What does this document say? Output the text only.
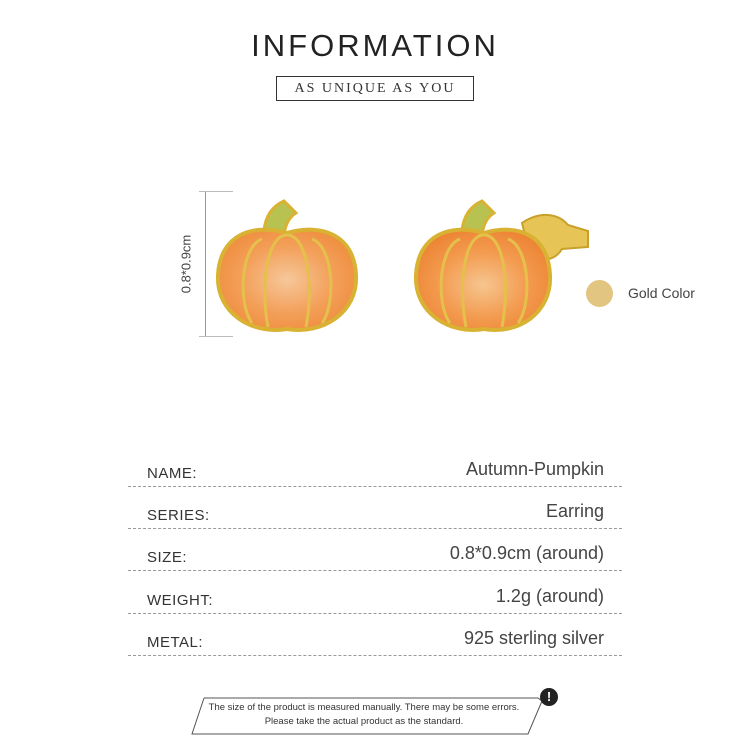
INFORMATION
AS UNIQUE AS YOU
0.8*0.9cm	Gold Color
NAME:	Autumn-Pumpkin
SERIES:	Earring
SIZE:	0.8*0.9cm (around)
WEIGHT:	1.2g (around)
METAL:	925 sterling silver
The size of the product is measured manually. There may be some errors.
Please take the actual product as the standard.
!
